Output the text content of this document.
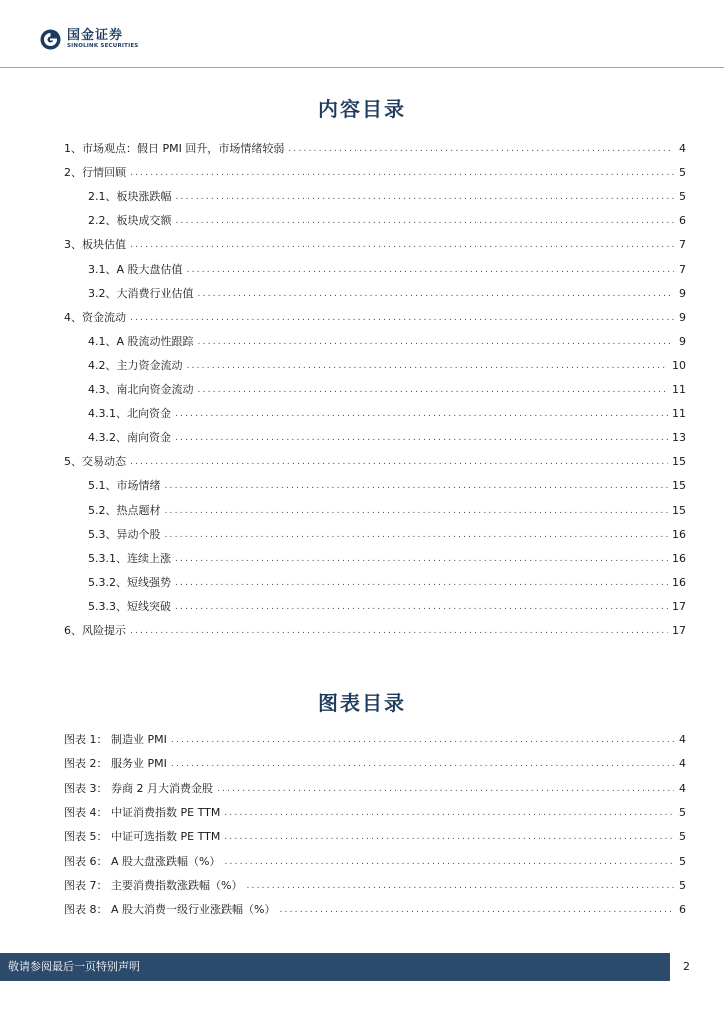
国金证券
SINOLINK SECURITIES
内容目录
1、市场观点：假日 PMI 回升，市场情绪较弱 .....	4
2、行情回顾 .....	5
2.1、板块涨跌幅 .....	5
2.2、板块成交额 .....	6
3、板块估值 .....	7
3.1、A 股大盘估值 .....	7
3.2、大消费行业估值 .....	9
4、资金流动 .....	9
4.1、A 股流动性跟踪 .....	9
4.2、主力资金流动 .....	10
4.3、南北向资金流动 .....	11
4.3.1、北向资金 .....	11
4.3.2、南向资金 .....	13
5、交易动态 .....	15
5.1、市场情绪 .....	15
5.2、热点题材 .....	15
5.3、异动个股 .....	16
5.3.1、连续上涨 .....	16
5.3.2、短线强势 .....	16
5.3.3、短线突破 .....	17
6、风险提示 .....	17
图表目录
图表 1： 制造业 PMI .....	4
图表 2： 服务业 PMI .....	4
图表 3： 券商 2 月大消费金股 .....	4
图表 4： 中证消费指数 PE TTM .....	5
图表 5： 中证可选指数 PE TTM .....	5
图表 6： A 股大盘涨跌幅（%） .....	5
图表 7： 主要消费指数涨跌幅（%） .....	5
图表 8： A 股大消费一级行业涨跌幅（%） .....	6
敬请参阅最后一页特别声明	2
